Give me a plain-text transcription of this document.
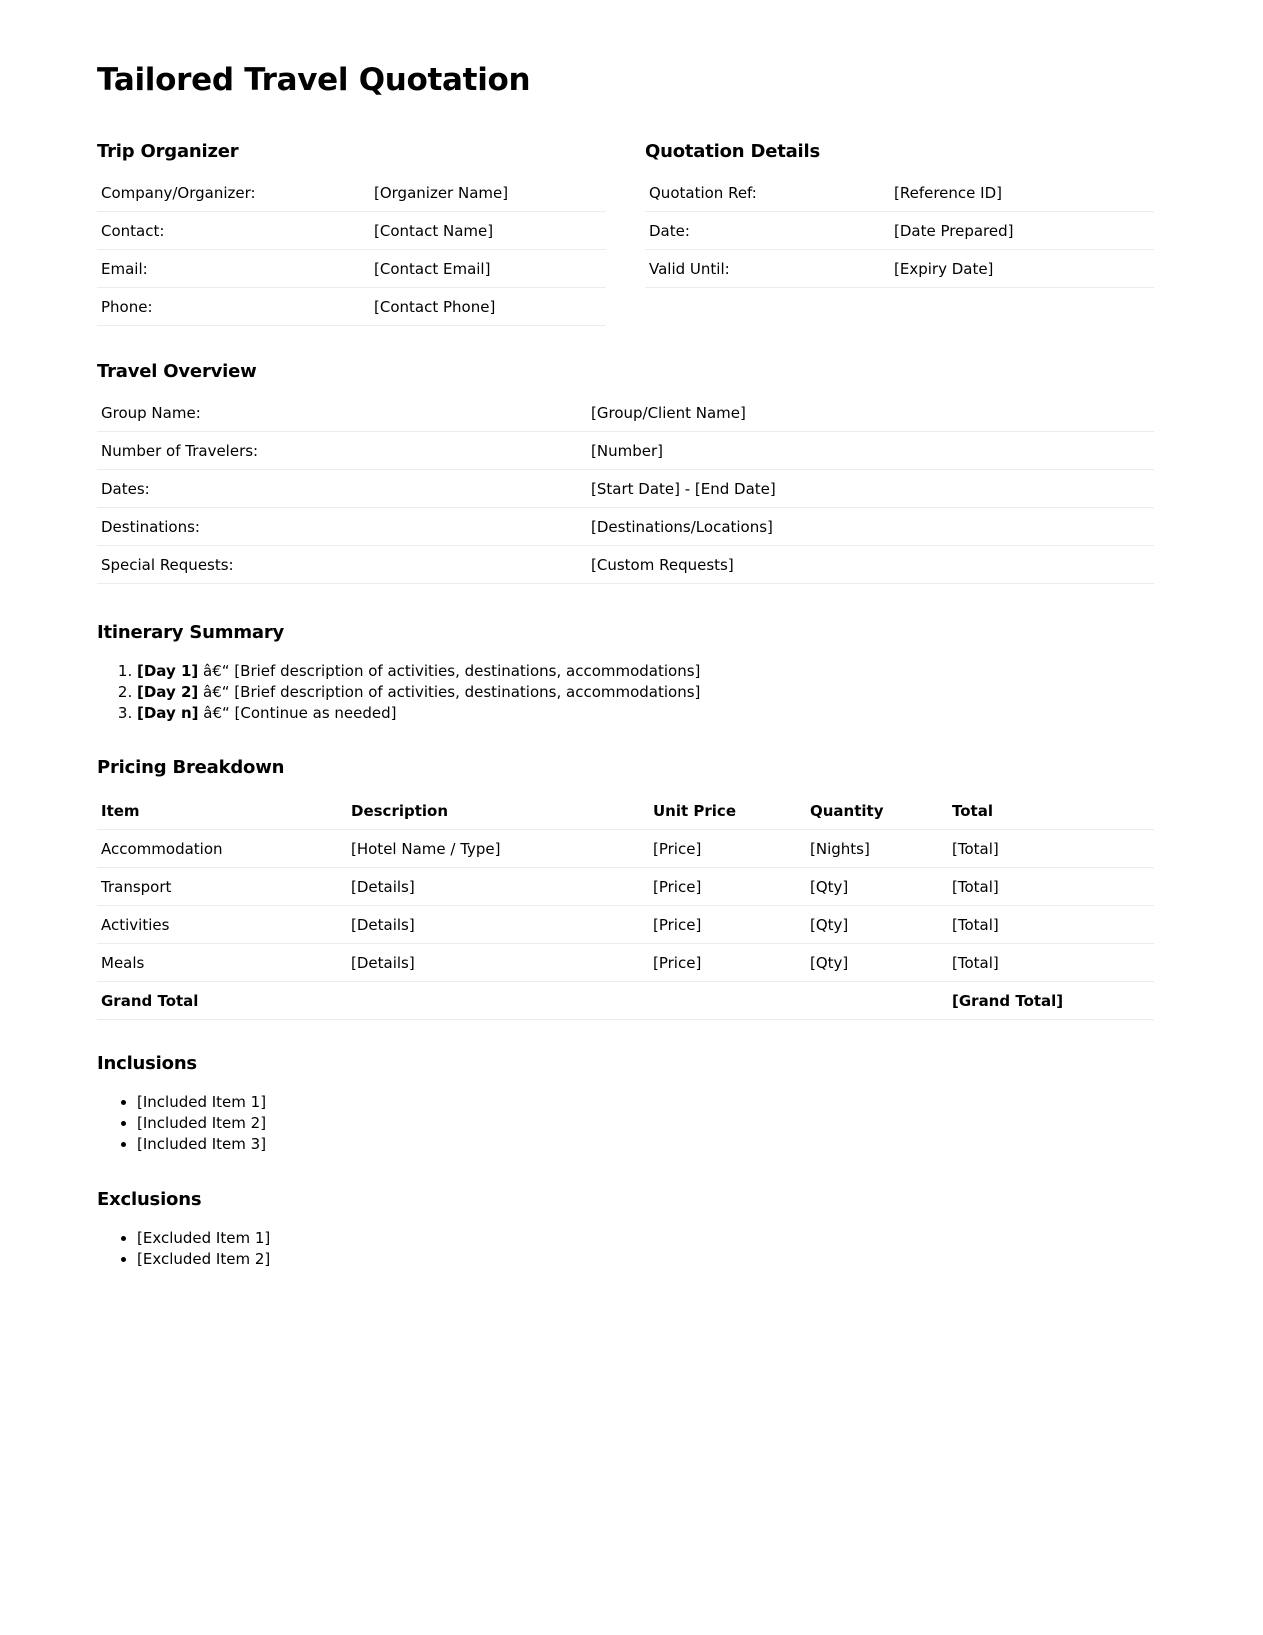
Tailored Travel Quotation
Trip Organizer
Company/Organizer:	[Organizer Name]
Contact:	[Contact Name]
Email:	[Contact Email]
Phone:	[Contact Phone]
Quotation Details
Quotation Ref:	[Reference ID]
Date:	[Date Prepared]
Valid Until:	[Expiry Date]
Travel Overview
Group Name:	[Group/Client Name]
Number of Travelers:	[Number]
Dates:	[Start Date] - [End Date]
Destinations:	[Destinations/Locations]
Special Requests:	[Custom Requests]
Itinerary Summary
1. [Day 1] â€“ [Brief description of activities, destinations, accommodations]
2. [Day 2] â€“ [Brief description of activities, destinations, accommodations]
3. [Day n] â€“ [Continue as needed]
Pricing Breakdown
Item	Description	Unit Price	Quantity	Total
Accommodation	[Hotel Name / Type]	[Price]	[Nights]	[Total]
Transport	[Details]	[Price]	[Qty]	[Total]
Activities	[Details]	[Price]	[Qty]	[Total]
Meals	[Details]	[Price]	[Qty]	[Total]
Grand Total				[Grand Total]
Inclusions
• [Included Item 1]
• [Included Item 2]
• [Included Item 3]
Exclusions
• [Excluded Item 1]
• [Excluded Item 2]
